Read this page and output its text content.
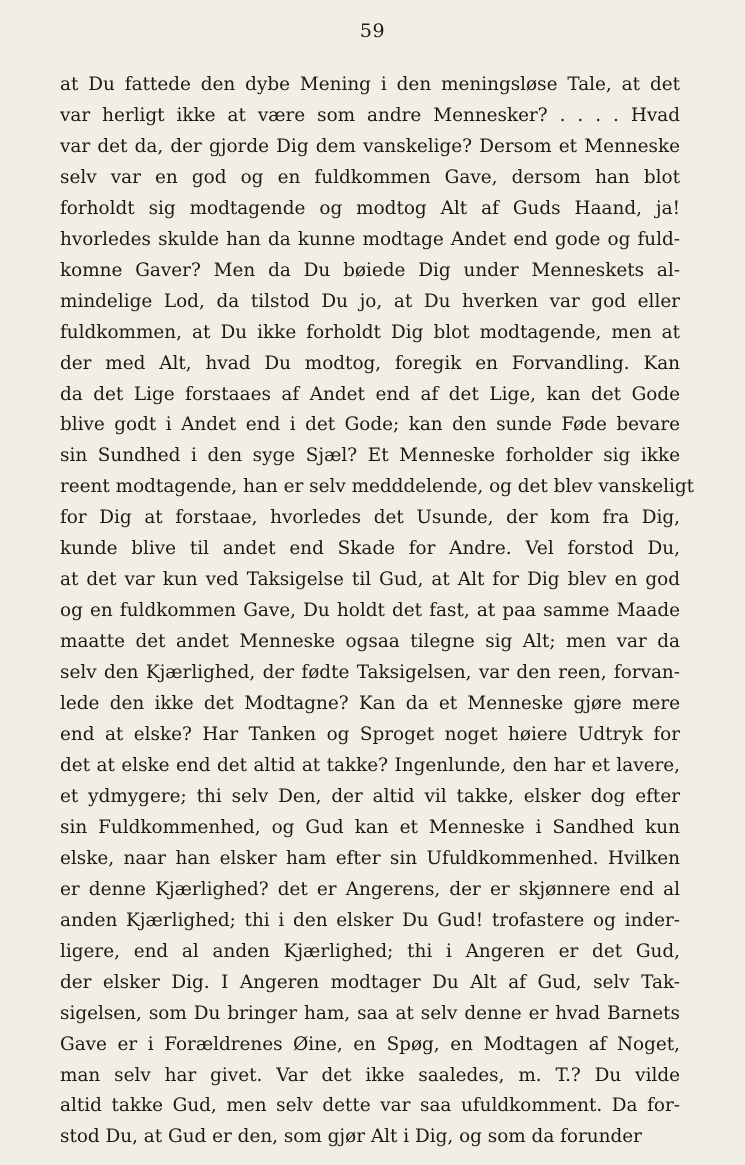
59
at Du fattede den dybe Mening i den meningsløse Tale, at det
var herligt ikke at være som andre Mennesker? . . . . Hvad
var det da, der gjorde Dig dem vanskelige? Dersom et Menneske
selv var en god og en fuldkommen Gave, dersom han blot
forholdt sig modtagende og modtog Alt af Guds Haand, ja!
hvorledes skulde han da kunne modtage Andet end gode og fuld-
komne Gaver? Men da Du bøiede Dig under Menneskets al-
mindelige Lod, da tilstod Du jo, at Du hverken var god eller
fuldkommen, at Du ikke forholdt Dig blot modtagende, men at
der med Alt, hvad Du modtog, foregik en Forvandling. Kan
da det Lige forstaaes af Andet end af det Lige, kan det Gode
blive godt i Andet end i det Gode; kan den sunde Føde bevare
sin Sundhed i den syge Sjæl? Et Menneske forholder sig ikke
reent modtagende, han er selv medddelende, og det blev vanskeligt
for Dig at forstaae, hvorledes det Usunde, der kom fra Dig,
kunde blive til andet end Skade for Andre. Vel forstod Du,
at det var kun ved Taksigelse til Gud, at Alt for Dig blev en god
og en fuldkommen Gave, Du holdt det fast, at paa samme Maade
maatte det andet Menneske ogsaa tilegne sig Alt; men var da
selv den Kjærlighed, der fødte Taksigelsen, var den reen, forvan-
lede den ikke det Modtagne? Kan da et Menneske gjøre mere
end at elske? Har Tanken og Sproget noget høiere Udtryk for
det at elske end det altid at takke? Ingenlunde, den har et lavere,
et ydmygere; thi selv Den, der altid vil takke, elsker dog efter
sin Fuldkommenhed, og Gud kan et Menneske i Sandhed kun
elske, naar han elsker ham efter sin Ufuldkommenhed. Hvilken
er denne Kjærlighed? det er Angerens, der er skjønnere end al
anden Kjærlighed; thi i den elsker Du Gud! trofastere og inder-
ligere, end al anden Kjærlighed; thi i Angeren er det Gud,
der elsker Dig. I Angeren modtager Du Alt af Gud, selv Tak-
sigelsen, som Du bringer ham, saa at selv denne er hvad Barnets
Gave er i Forældrenes Øine, en Spøg, en Modtagen af Noget,
man selv har givet. Var det ikke saaledes, m. T.? Du vilde
altid takke Gud, men selv dette var saa ufuldkomment. Da for-
stod Du, at Gud er den, som gjør Alt i Dig, og som da forunder
